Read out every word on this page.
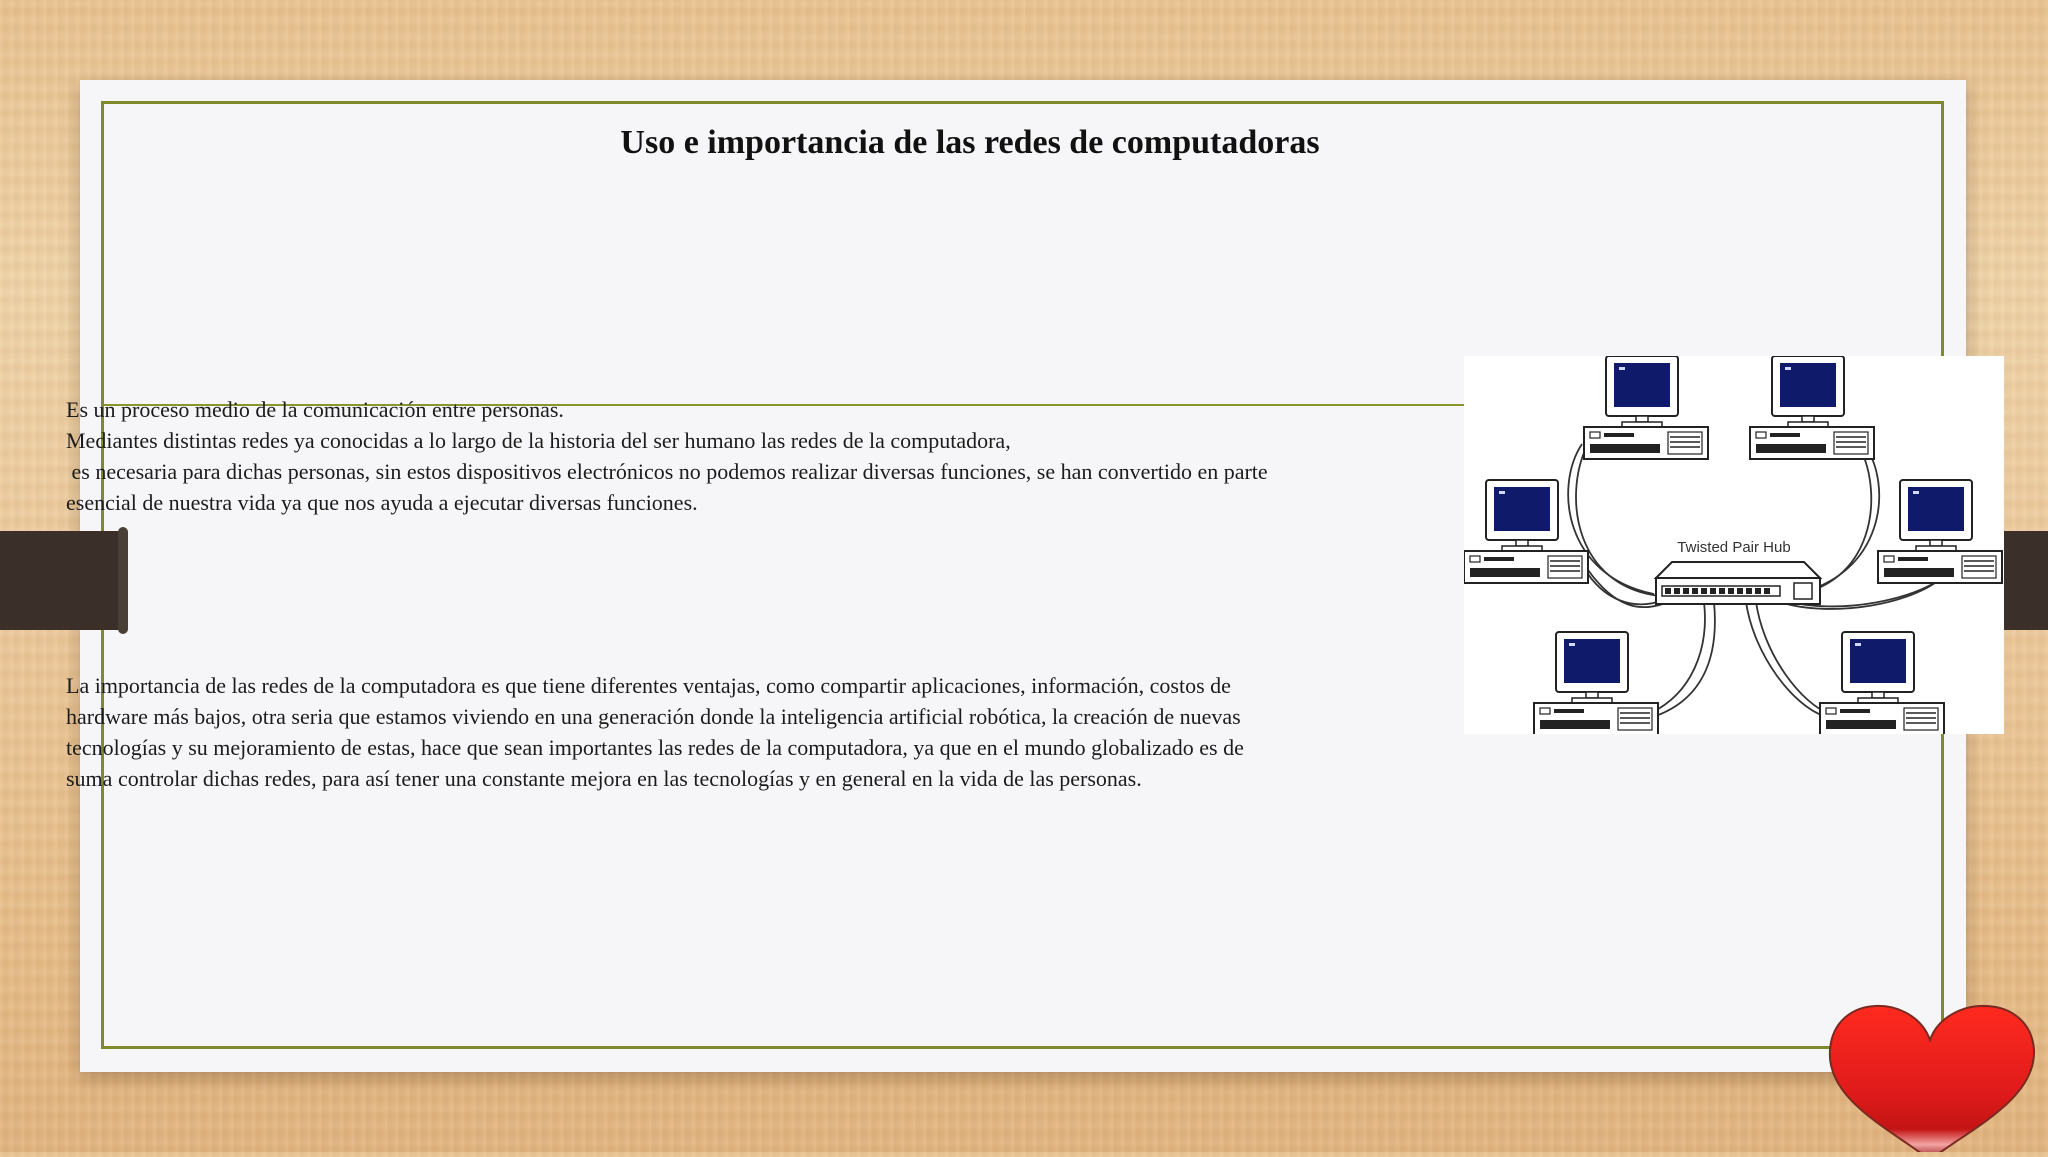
Uso e importancia de las redes de computadoras
Es un proceso medio de la comunicación entre personas.
Mediantes distintas redes ya conocidas a lo largo de la historia del ser humano las redes de la computadora,
es necesaria para dichas personas, sin estos dispositivos electrónicos no podemos realizar diversas funciones, se han convertido en parte
esencial de nuestra vida ya que nos ayuda a ejecutar diversas funciones.
La importancia de las redes de la computadora es que tiene diferentes ventajas, como compartir aplicaciones, información, costos de
hardware más bajos, otra seria que estamos viviendo en una generación donde la inteligencia artificial robótica, la creación de nuevas
tecnologías y su mejoramiento de estas, hace que sean importantes las redes de la computadora, ya que en el mundo globalizado es de
suma controlar dichas redes, para así tener una constante mejora en las tecnologías y en general en la vida de las personas.
Twisted Pair Hub
